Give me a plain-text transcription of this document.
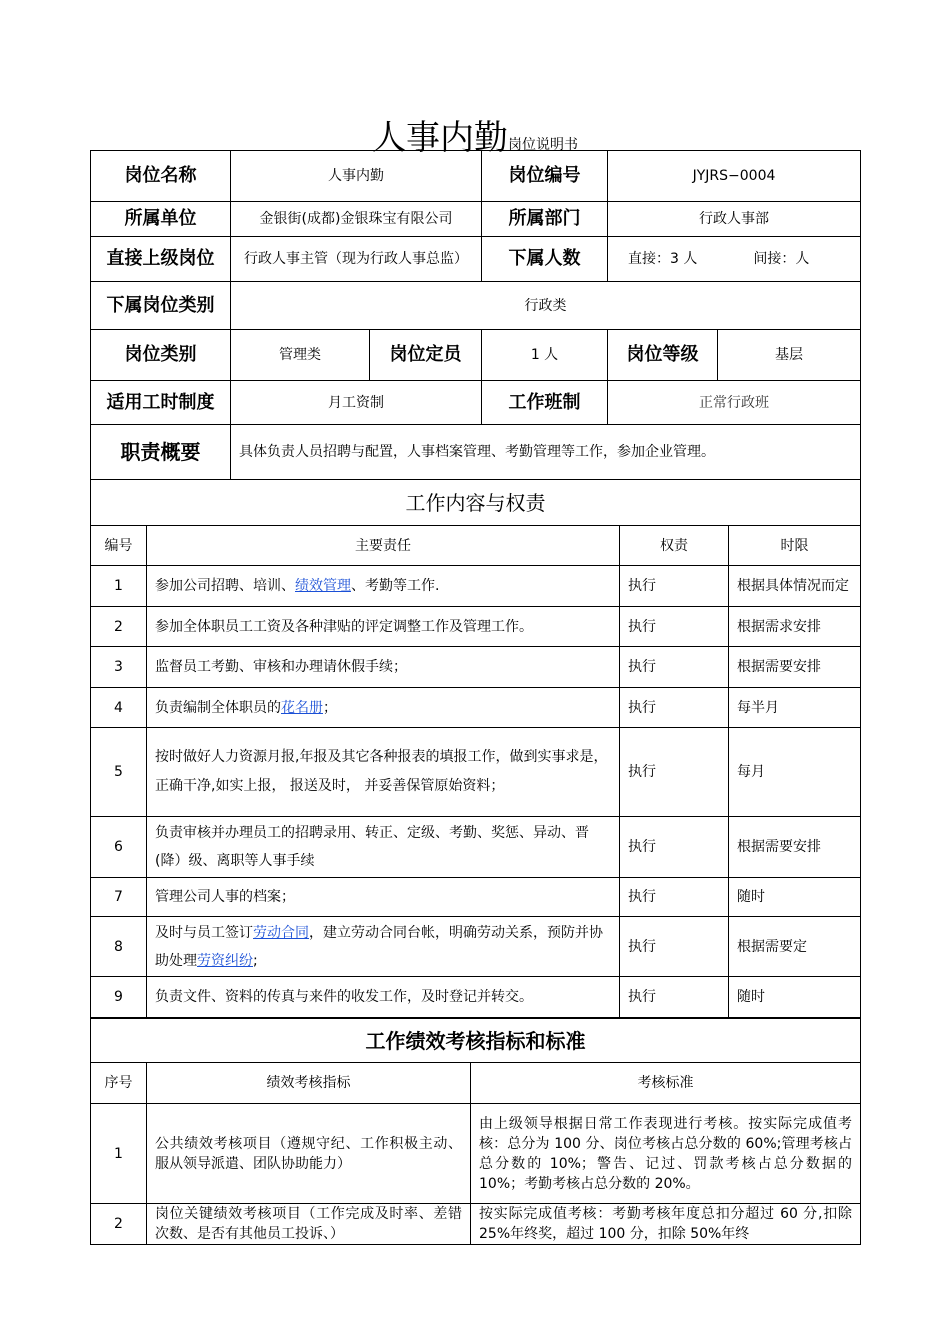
人事内勤岗位说明书
岗位名称	人事内勤		岗位编号	JYJRS−0004	
所属单位	金银街(成都)金银珠宝有限公司		所属部门	行政人事部	
直接上级岗位	行政人事主管（现为行政人事总监）		下属人数	直接：3 人 间接：人	
下属岗位类别	行政类				
岗位类别	管理类	岗位定员	1 人	岗位等级	基层
适用工时制度	月工资制		工作班制	正常行政班	
职责概要	具体负责人员招聘与配置，人事档案管理、考勤管理等工作，参加企业管理。				
工作内容与权责			
编号	主要责任	权责	时限
1	参加公司招聘、培训、绩效管理、考勤等工作.	执行	根据具体情况而定
2	参加全体职员工工资及各种津贴的评定调整工作及管理工作。	执行	根据需求安排
3	监督员工考勤、审核和办理请休假手续；	执行	根据需要安排
4	负责编制全体职员的花名册；	执行	每半月
5	按时做好人力资源月报,年报及其它各种报表的填报工作，做到实事求是，正确干净,如实上报， 报送及时， 并妥善保管原始资料；	执行	每月
6	负责审核并办理员工的招聘录用、转正、定级、考勤、奖惩、异动、晋(降）级、离职等人事手续	执行	根据需要安排
7	管理公司人事的档案；	执行	随时
8	及时与员工签订劳动合同，建立劳动合同台帐，明确劳动关系，预防并协助处理劳资纠纷;	执行	根据需要定
9	负责文件、资料的传真与来件的收发工作，及时登记并转交。	执行	随时
工作绩效考核指标和标准		
序号	绩效考核指标	考核标准
1	公共绩效考核项目（遵规守纪、工作积极主动、服从领导派遣、团队协助能力）	由上级领导根据日常工作表现进行考核。按实际完成值考核：总分为 100 分、岗位考核占总分数的 60%;管理考核占总分数的 10%；警告、记过、罚款考核占总分数据的 10%；考勤考核占总分数的 20%。
2	岗位关键绩效考核项目（工作完成及时率、差错次数、是否有其他员工投诉、）	按实际完成值考核：考勤考核年度总扣分超过 60 分,扣除 25%年终奖，超过 100 分，扣除 50%年终
